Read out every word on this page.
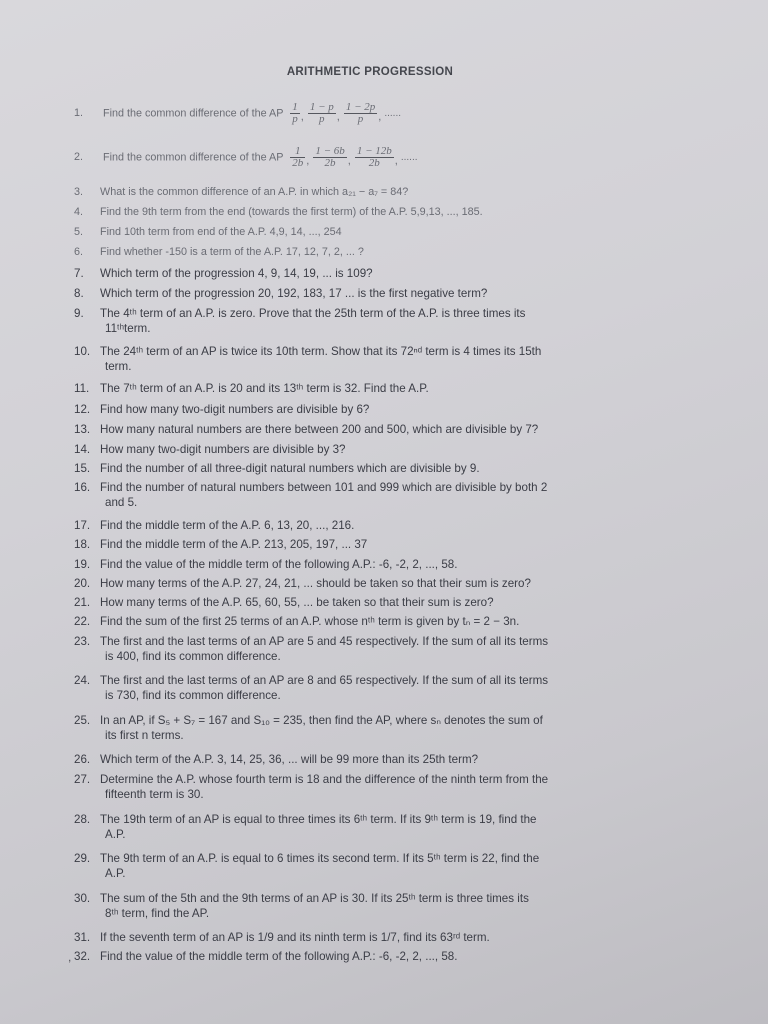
ARITHMETIC PROGRESSION
1. Find the common difference of the AP $\frac{1}{p}$ , $\frac{1 - p}{p}$ , $\frac{1 - 2p}{p}$ , ......
2. Find the common difference of the AP $\frac{1}{2b}$ , $\frac{1 - 6b}{2b}$ , $\frac{1 - 12b}{2b}$ , ......
3. What is the common difference of an A.P. in which a₂₁ − a₇ = 84?
4. Find the 9th term from the end (towards the first term) of the A.P. 5,9,13, ..., 185.
5. Find 10th term from end of the A.P. 4,9, 14, ..., 254
6. Find whether -150 is a term of the A.P. 17, 12, 7, 2, ... ?
7. Which term of the progression 4, 9, 14, 19, ... is 109?
8. Which term of the progression 20, 192, 183, 17 ... is the first negative term?
9. The 4ᵗʰ term of an A.P. is zero. Prove that the 25th term of the A.P. is three times its
11ᵗʰterm.
10. The 24ᵗʰ term of an AP is twice its 10th term. Show that its 72ⁿᵈ term is 4 times its 15th
term.
11. The 7ᵗʰ term of an A.P. is 20 and its 13ᵗʰ term is 32. Find the A.P.
12. Find how many two-digit numbers are divisible by 6?
13. How many natural numbers are there between 200 and 500, which are divisible by 7?
14. How many two-digit numbers are divisible by 3?
15. Find the number of all three-digit natural numbers which are divisible by 9.
16. Find the number of natural numbers between 101 and 999 which are divisible by both 2
and 5.
17. Find the middle term of the A.P. 6, 13, 20, ..., 216.
18. Find the middle term of the A.P. 213, 205, 197, ... 37
19. Find the value of the middle term of the following A.P.: -6, -2, 2, ..., 58.
20. How many terms of the A.P. 27, 24, 21, ... should be taken so that their sum is zero?
21. How many terms of the A.P. 65, 60, 55, ... be taken so that their sum is zero?
22. Find the sum of the first 25 terms of an A.P. whose nᵗʰ term is given by tₙ = 2 − 3n.
23. The first and the last terms of an AP are 5 and 45 respectively. If the sum of all its terms
is 400, find its common difference.
24. The first and the last terms of an AP are 8 and 65 respectively. If the sum of all its terms
is 730, find its common difference.
25. In an AP, if S₅ + S₇ = 167 and S₁₀ = 235, then find the AP, where sₙ denotes the sum of
its first n terms.
26. Which term of the A.P. 3, 14, 25, 36, ... will be 99 more than its 25th term?
27. Determine the A.P. whose fourth term is 18 and the difference of the ninth term from the
fifteenth term is 30.
28. The 19th term of an AP is equal to three times its 6ᵗʰ term. If its 9ᵗʰ term is 19, find the
A.P.
29. The 9th term of an A.P. is equal to 6 times its second term. If its 5ᵗʰ term is 22, find the
A.P.
30. The sum of the 5th and the 9th terms of an AP is 30. If its 25ᵗʰ term is three times its
8ᵗʰ term, find the AP.
31. If the seventh term of an AP is 1/9 and its ninth term is 1/7, find its 63ʳᵈ term.
32. Find the value of the middle term of the following A.P.: -6, -2, 2, ..., 58.
,
